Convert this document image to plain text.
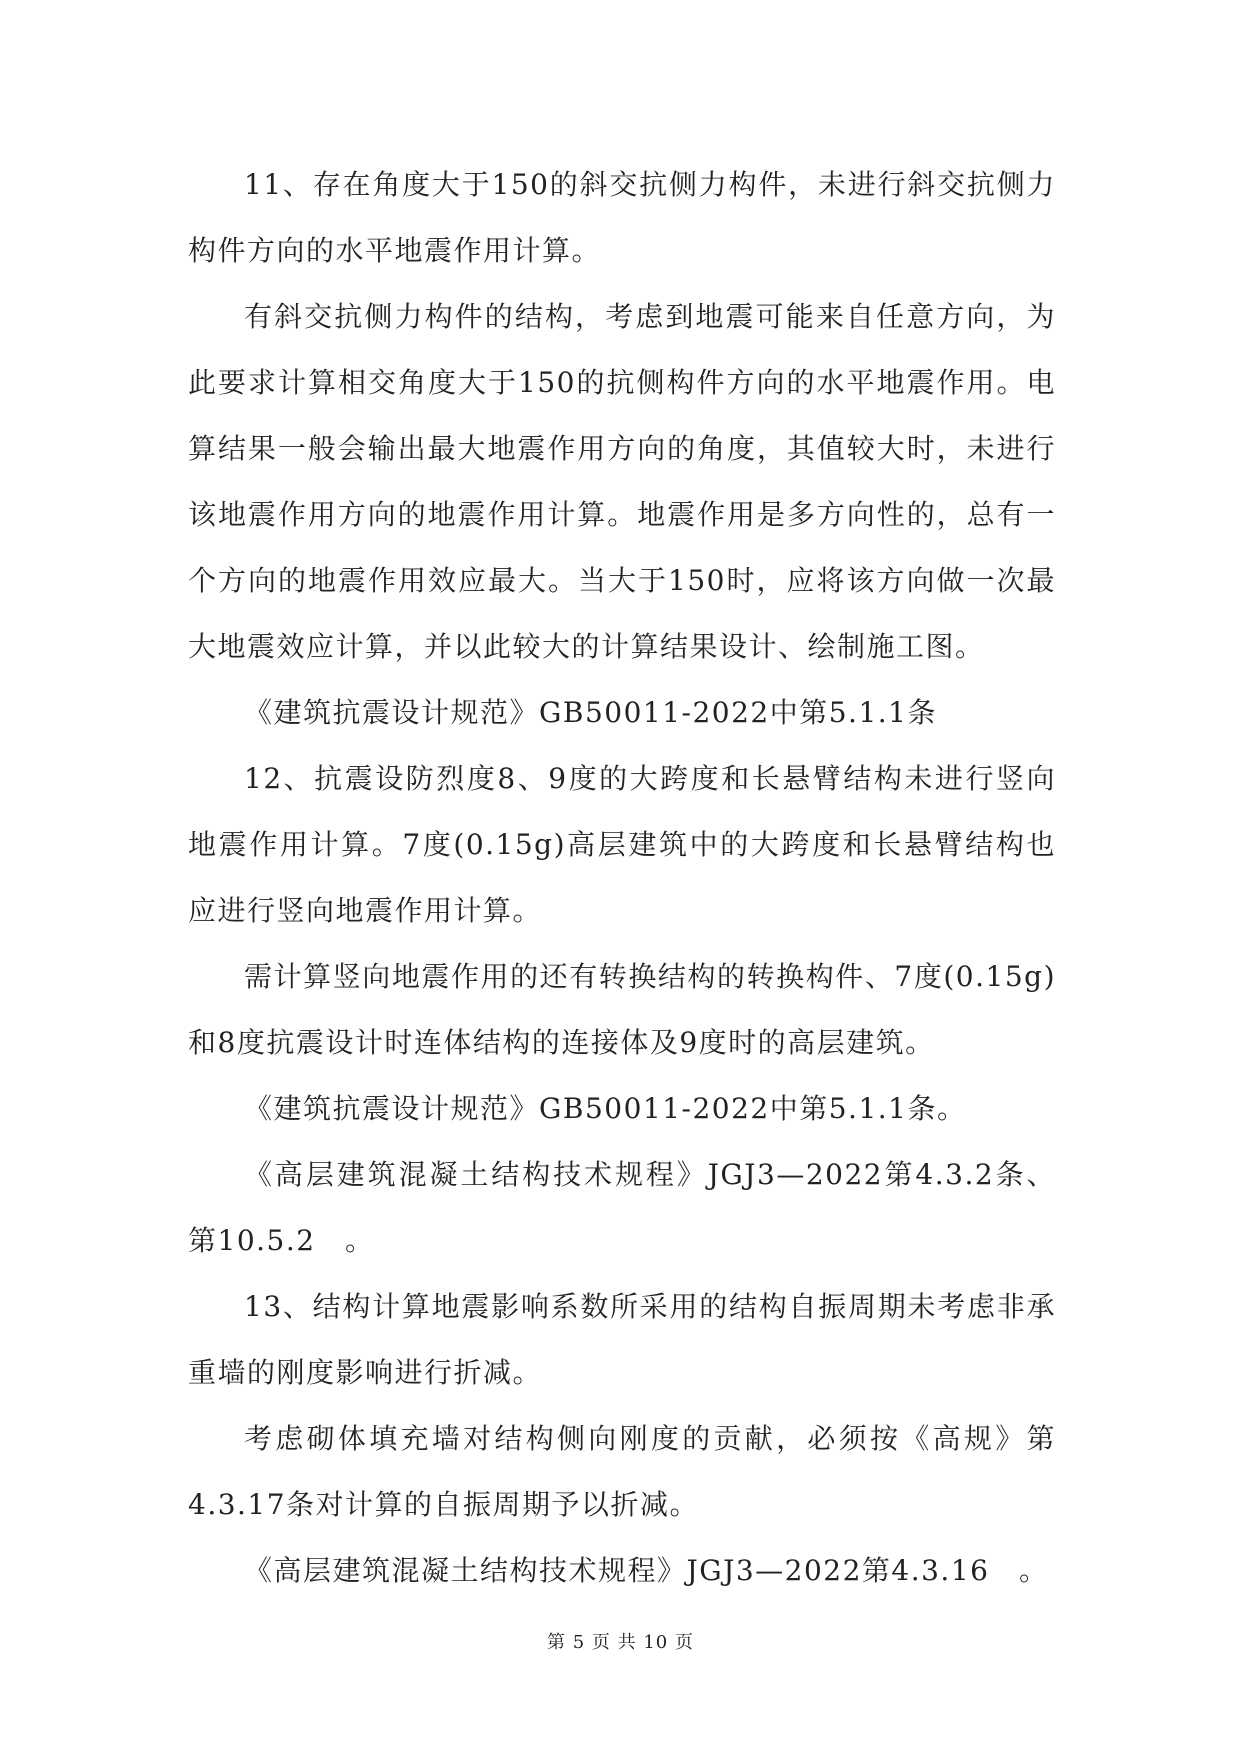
11、存在角度大于150的斜交抗侧力构件，未进行斜交抗侧力构件方向的水平地震作用计算。

有斜交抗侧力构件的结构，考虑到地震可能来自任意方向，为此要求计算相交角度大于150的抗侧构件方向的水平地震作用。电算结果一般会输出最大地震作用方向的角度，其值较大时，未进行该地震作用方向的地震作用计算。地震作用是多方向性的，总有一个方向的地震作用效应最大。当大于150时，应将该方向做一次最大地震效应计算，并以此较大的计算结果设计、绘制施工图。

《建筑抗震设计规范》GB50011-2022中第5.1.1条

12、抗震设防烈度8、9度的大跨度和长悬臂结构未进行竖向地震作用计算。7度(0.15g)高层建筑中的大跨度和长悬臂结构也应进行竖向地震作用计算。

需计算竖向地震作用的还有转换结构的转换构件、7度(0.15g)和8度抗震设计时连体结构的连接体及9度时的高层建筑。

《建筑抗震设计规范》GB50011-2022中第5.1.1条。

《高层建筑混凝土结构技术规程》JGJ3—2022第4.3.2条、第10.5.2　。

13、结构计算地震影响系数所采用的结构自振周期未考虑非承重墙的刚度影响进行折减。

考虑砌体填充墙对结构侧向刚度的贡献，必须按《高规》第4.3.17条对计算的自振周期予以折减。

《高层建筑混凝土结构技术规程》JGJ3—2022第4.3.16　。

第 5 页 共 10 页
